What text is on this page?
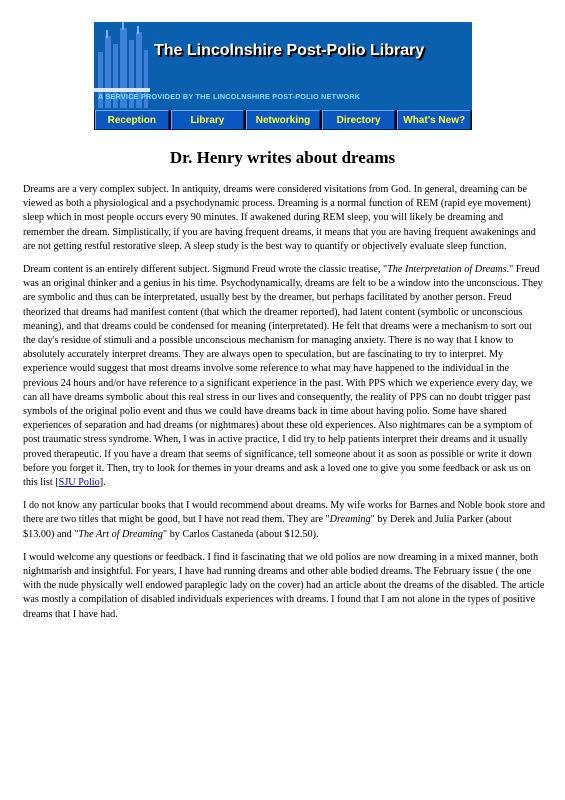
The Lincolnshire Post-Polio Library
A SERVICE PROVIDED BY THE LINCOLNSHIRE POST-POLIO NETWORK
Reception	Library	Networking	Directory	What's New?
Dr. Henry writes about dreams

Dreams are a very complex subject. In antiquity, dreams were considered visitations from God. In general, dreaming can be viewed as both a physiological and a psychodynamic process. Dreaming is a normal function of REM (rapid eye movement) sleep which in most people occurs every 90 minutes. If awakened during REM sleep, you will likely be dreaming and remember the dream. Simplistically, if you are having frequent dreams, it means that you are having frequent awakenings and are not getting restful restorative sleep. A sleep study is the best way to quantify or objectively evaluate sleep function.

Dream content is an entirely different subject. Sigmund Freud wrote the classic treatise, "The Interpretation of Dreams." Freud was an original thinker and a genius in his time. Psychodynamically, dreams are felt to be a window into the unconscious. They are symbolic and thus can be interpretated, usually best by the dreamer, but perhaps facilitated by another person. Freud theorized that dreams had manifest content (that which the dreamer reported), had latent content (symbolic or unconscious meaning), and that dreams could be condensed for meaning (interpretated). He felt that dreams were a mechanism to sort out the day's residue of stimuli and a possible unconscious mechanism for managing anxiety. There is no way that I know to absolutely accurately interpret dreams. They are always open to speculation, but are fascinating to try to interpret. My experience would suggest that most dreams involve some reference to what may have happened to the individual in the previous 24 hours and/or have reference to a significant experience in the past. With PPS which we experience every day, we can all have dreams symbolic about this real stress in our lives and consequently, the reality of PPS can no doubt trigger past symbols of the original polio event and thus we could have dreams back in time about having polio. Some have shared experiences of separation and had dreams (or nightmares) about these old experiences. Also nightmares can be a symptom of post traumatic stress syndrome. When, I was in active practice, I did try to help patients interpret their dreams and it usually proved therapeutic. If you have a dream that seems of significance, tell someone about it as soon as possible or write it down before you forget it. Then, try to look for themes in your dreams and ask a loved one to give you some feedback or ask us on this list [SJU Polio].

I do not know any particular books that I would recommend about dreams. My wife works for Barnes and Noble book store and there are two titles that might be good, but I have not read them. They are "Dreaming" by Derek and Julia Parker (about $13.00) and "The Art of Dreaming" by Carlos Castaneda (about $12.50).

I would welcome any questions or feedback. I find it fascinating that we old polios are now dreaming in a mixed manner, both nightmarish and insightful. For years, I have had running dreams and other able bodied dreams. The February issue ( the one with the nude physically well endowed paraplegic lady on the cover) had an article about the dreams of the disabled. The article was mostly a compilation of disabled individuals experiences with dreams. I found that I am not alone in the types of positive dreams that I have had.
